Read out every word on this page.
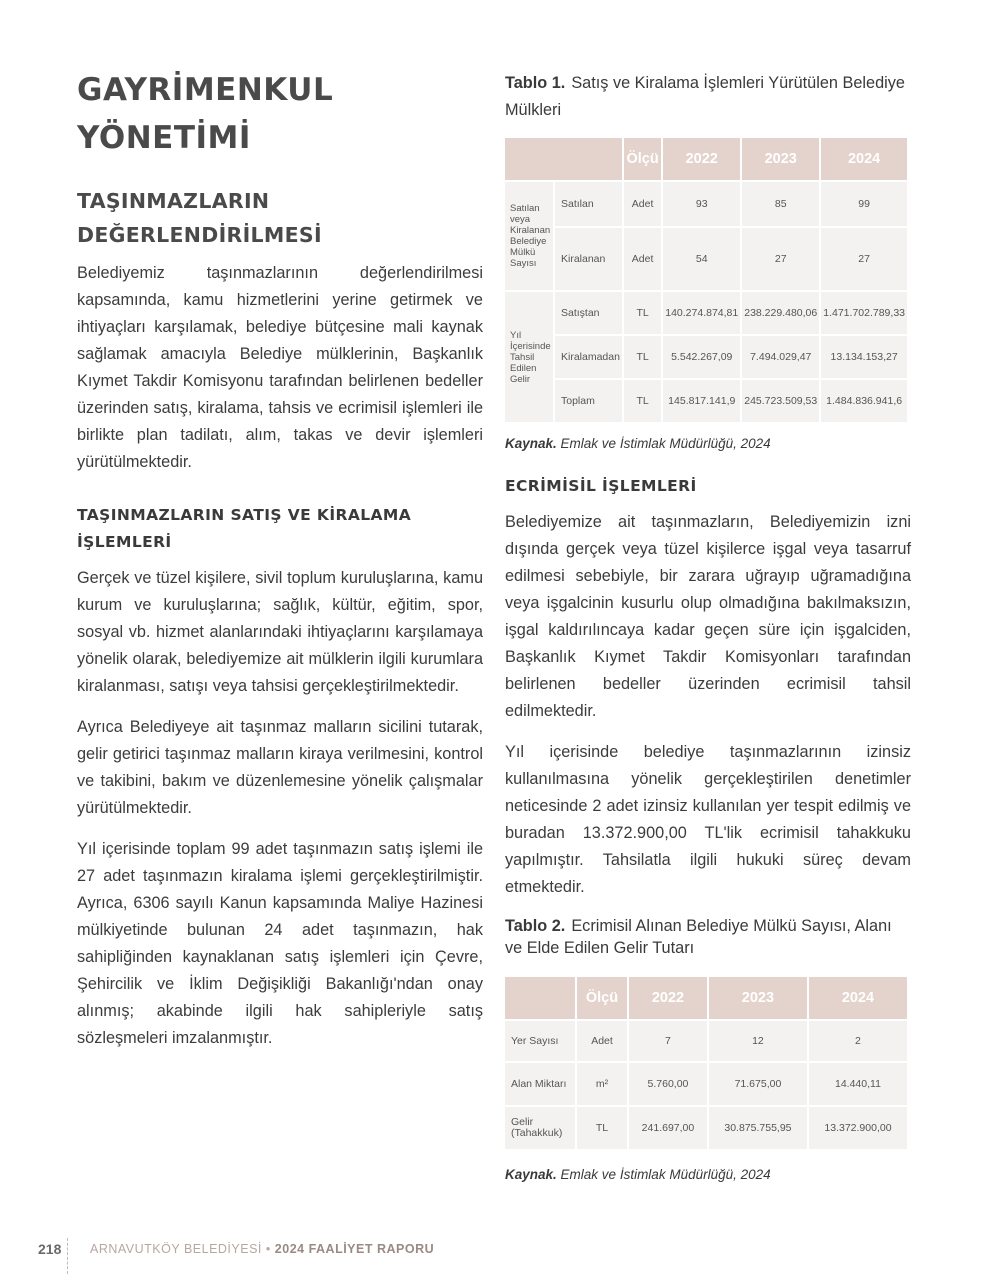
GAYRİMENKUL
YÖNETİMİ
TAŞINMAZLARIN
DEĞERLENDİRİLMESİ

Belediyemiz taşınmazlarının değerlendirilmesi kapsamında, kamu hizmetlerini yerine getirmek ve ihtiyaçları karşılamak, belediye bütçesine mali kaynak sağlamak amacıyla Belediye mülklerinin, Başkanlık Kıymet Takdir Komisyonu tarafından belirlenen bedeller üzerinden satış, kiralama, tahsis ve ecrimisil işlemleri ile birlikte plan tadilatı, alım, takas ve devir işlemleri yürütülmektedir.

TAŞINMAZLARIN SATIŞ VE KİRALAMA İŞLEMLERİ

Gerçek ve tüzel kişilere, sivil toplum kuruluşlarına, kamu kurum ve kuruluşlarına; sağlık, kültür, eğitim, spor, sosyal vb. hizmet alanlarındaki ihtiyaçlarını karşılamaya yönelik olarak, belediyemize ait mülklerin ilgili kurumlara kiralanması, satışı veya tahsisi gerçekleştirilmektedir.

Ayrıca Belediyeye ait taşınmaz malların sicilini tutarak, gelir getirici taşınmaz malların kiraya verilmesini, kontrol ve takibini, bakım ve düzenlemesine yönelik çalışmalar yürütülmektedir.

Yıl içerisinde toplam 99 adet taşınmazın satış işlemi ile 27 adet taşınmazın kiralama işlemi gerçekleştirilmiştir. Ayrıca, 6306 sayılı Kanun kapsamında Maliye Hazinesi mülkiyetinde bulunan 24 adet taşınmazın, hak sahipliğinden kaynaklanan satış işlemleri için Çevre, Şehircilik ve İklim Değişikliği Bakanlığı'ndan onay alınmış; akabinde ilgili hak sahipleriyle satış sözleşmeleri imzalanmıştır.

Tablo 1. Satış ve Kiralama İşlemleri Yürütülen Belediye Mülkleri
		Ölçü	2022	2023	2024
Satılan veya Kiralanan Belediye Mülkü Sayısı	Satılan	Adet	93	85	99
	Kiralanan	Adet	54	27	27
Yıl İçerisinde Tahsil Edilen Gelir	Satıştan	TL	140.274.874,81	238.229.480,06	1.471.702.789,33
	Kiralamadan	TL	5.542.267,09	7.494.029,47	13.134.153,27
	Toplam	TL	145.817.141,9	245.723.509,53	1.484.836.941,6
Kaynak. Emlak ve İstimlak Müdürlüğü, 2024
ECRİMİSİL İŞLEMLERİ

Belediyemize ait taşınmazların, Belediyemizin izni dışında gerçek veya tüzel kişilerce işgal veya tasarruf edilmesi sebebiyle, bir zarara uğrayıp uğramadığına veya işgalcinin kusurlu olup olmadığına bakılmaksızın, işgal kaldırılıncaya kadar geçen süre için işgalciden, Başkanlık Kıymet Takdir Komisyonları tarafından belirlenen bedeller üzerinden ecrimisil tahsil edilmektedir.

Yıl içerisinde belediye taşınmazlarının izinsiz kullanılmasına yönelik gerçekleştirilen denetimler neticesinde 2 adet izinsiz kullanılan yer tespit edilmiş ve buradan 13.372.900,00 TL'lik ecrimisil tahakkuku yapılmıştır. Tahsilatla ilgili hukuki süreç devam etmektedir.

Tablo 2. Ecrimisil Alınan Belediye Mülkü Sayısı, Alanı ve Elde Edilen Gelir Tutarı
	Ölçü	2022	2023	2024
Yer Sayısı	Adet	7	12	2
Alan Miktarı	m²	5.760,00	71.675,00	14.440,11
Gelir (Tahakkuk)	TL	241.697,00	30.875.755,95	13.372.900,00
Kaynak. Emlak ve İstimlak Müdürlüğü, 2024
218 ARNAVUTKÖY BELEDİYESİ • 2024 FAALİYET RAPORU
